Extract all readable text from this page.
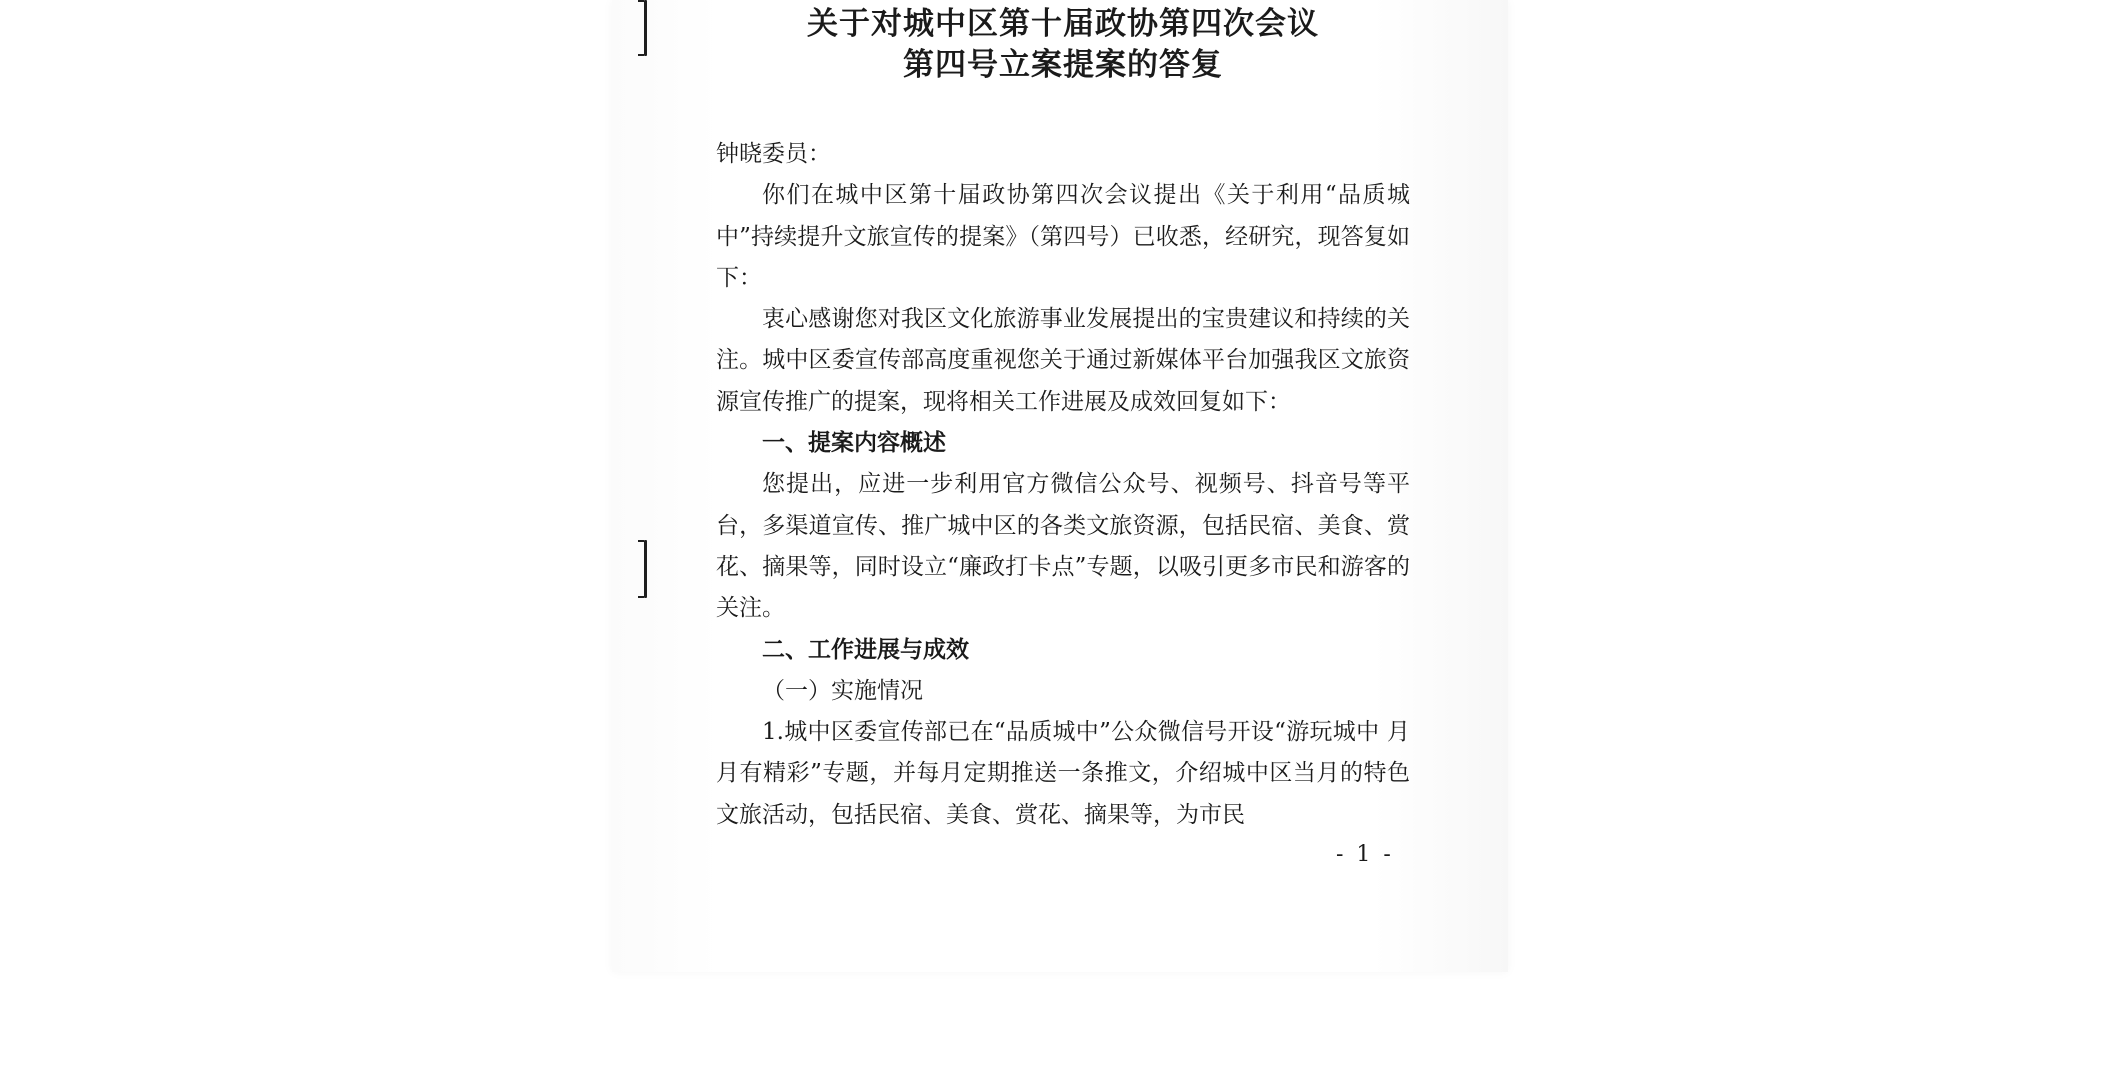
关于对城中区第十届政协第四次会议
第四号立案提案的答复

钟晓委员：

你们在城中区第十届政协第四次会议提出《关于利用“品质城中”持续提升文旅宣传的提案》（第四号）已收悉，经研究，现答复如下：

衷心感谢您对我区文化旅游事业发展提出的宝贵建议和持续的关注。城中区委宣传部高度重视您关于通过新媒体平台加强我区文旅资源宣传推广的提案，现将相关工作进展及成效回复如下：

一、提案内容概述

您提出，应进一步利用官方微信公众号、视频号、抖音号等平台，多渠道宣传、推广城中区的各类文旅资源，包括民宿、美食、赏花、摘果等，同时设立“廉政打卡点”专题，以吸引更多市民和游客的关注。

二、工作进展与成效

（一）实施情况

1.城中区委宣传部已在“品质城中”公众微信号开设“游玩城中 月月有精彩”专题，并每月定期推送一条推文，介绍城中区当月的特色文旅活动，包括民宿、美食、赏花、摘果等，为市民

- 1 -
